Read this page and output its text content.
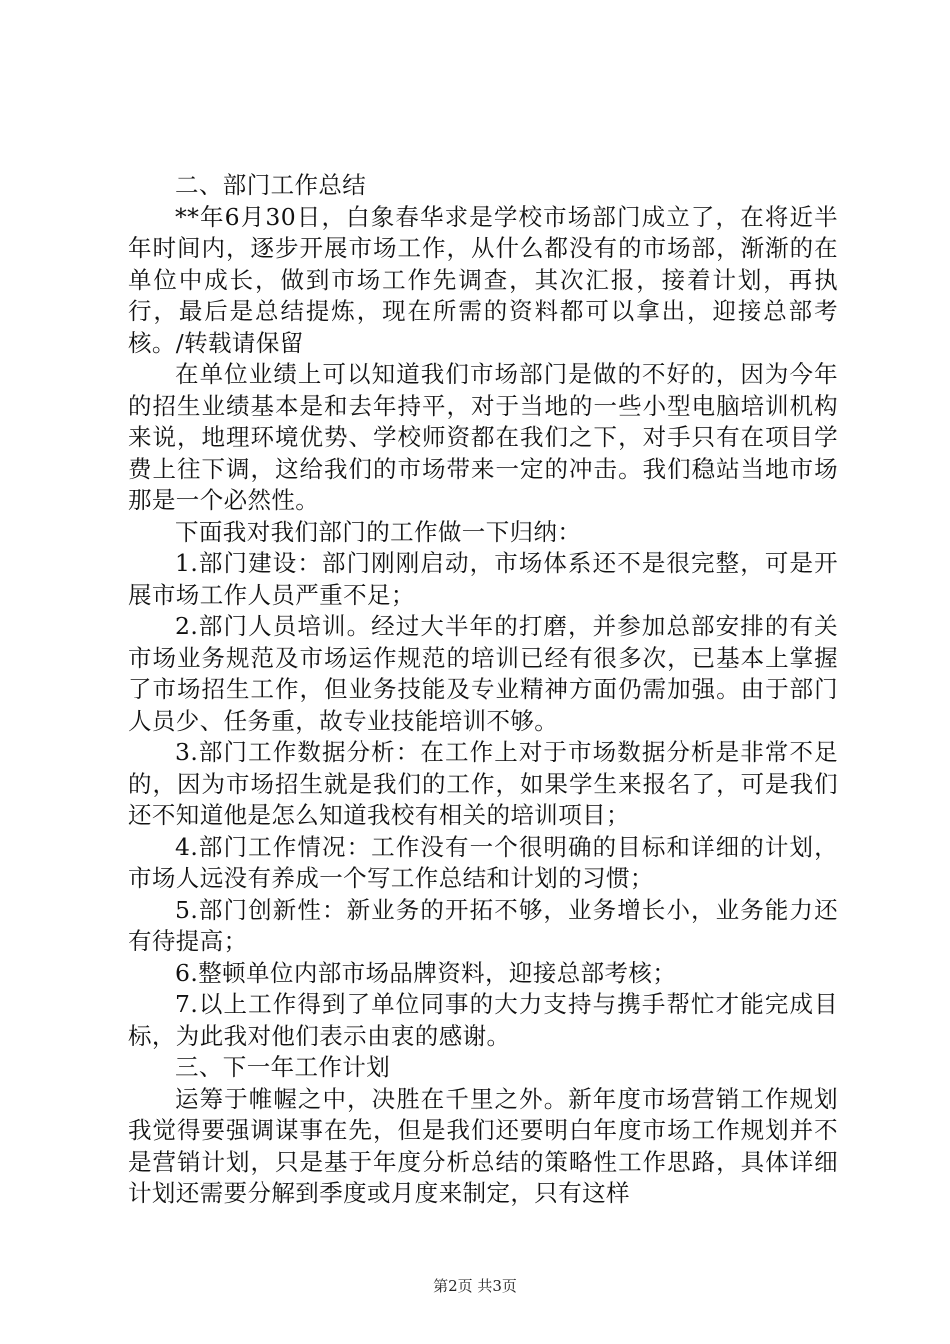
二、部门工作总结

**年6月30日，白象春华求是学校市场部门成立了，在将近半年时间内，逐步开展市场工作，从什么都没有的市场部，渐渐的在单位中成长，做到市场工作先调查，其次汇报，接着计划，再执行，最后是总结提炼，现在所需的资料都可以拿出，迎接总部考核。/转载请保留

在单位业绩上可以知道我们市场部门是做的不好的，因为今年的招生业绩基本是和去年持平，对于当地的一些小型电脑培训机构来说，地理环境优势、学校师资都在我们之下，对手只有在项目学费上往下调，这给我们的市场带来一定的冲击。我们稳站当地市场那是一个必然性。

下面我对我们部门的工作做一下归纳：

1.部门建设：部门刚刚启动，市场体系还不是很完整，可是开展市场工作人员严重不足；

2.部门人员培训。经过大半年的打磨，并参加总部安排的有关市场业务规范及市场运作规范的培训已经有很多次，已基本上掌握了市场招生工作，但业务技能及专业精神方面仍需加强。由于部门人员少、任务重，故专业技能培训不够。

3.部门工作数据分析：在工作上对于市场数据分析是非常不足的，因为市场招生就是我们的工作，如果学生来报名了，可是我们还不知道他是怎么知道我校有相关的培训项目；

4.部门工作情况：工作没有一个很明确的目标和详细的计划，市场人远没有养成一个写工作总结和计划的习惯；

5.部门创新性：新业务的开拓不够，业务增长小，业务能力还有待提高；

6.整顿单位内部市场品牌资料，迎接总部考核；

7.以上工作得到了单位同事的大力支持与携手帮忙才能完成目标，为此我对他们表示由衷的感谢。

三、下一年工作计划

运筹于帷幄之中，决胜在千里之外。新年度市场营销工作规划我觉得要强调谋事在先，但是我们还要明白年度市场工作规划并不是营销计划，只是基于年度分析总结的策略性工作思路，具体详细计划还需要分解到季度或月度来制定，只有这样

第2页 共3页
